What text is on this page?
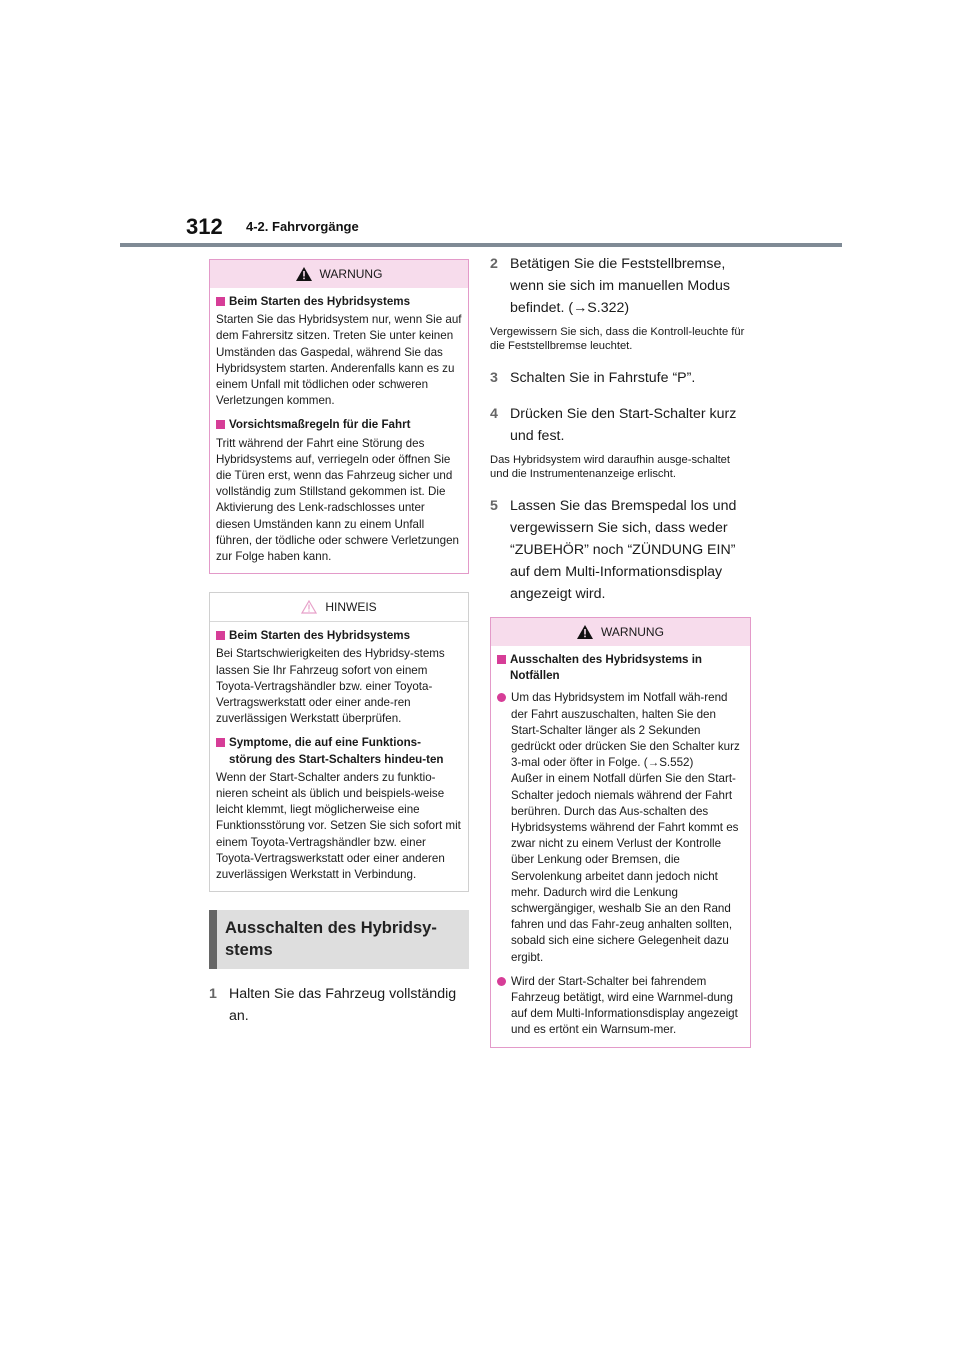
312 4-2. Fahrvorgänge
WARNUNG
Beim Starten des Hybridsystems

Starten Sie das Hybridsystem nur, wenn Sie auf dem Fahrersitz sitzen. Treten Sie unter keinen Umständen das Gaspedal, während Sie das Hybridsystem starten. Anderenfalls kann es zu einem Unfall mit tödlichen oder schweren Verletzungen kommen.

Vorsichtsmaßregeln für die Fahrt

Tritt während der Fahrt eine Störung des Hybridsystems auf, verriegeln oder öffnen Sie die Türen erst, wenn das Fahrzeug sicher und vollständig zum Stillstand gekommen ist. Die Aktivierung des Lenk-radschlosses unter diesen Umständen kann zu einem Unfall führen, der tödliche oder schwere Verletzungen zur Folge haben kann.

HINWEIS
Beim Starten des Hybridsystems

Bei Startschwierigkeiten des Hybridsy-stems lassen Sie Ihr Fahrzeug sofort von einem Toyota-Vertragshändler bzw. einer Toyota-Vertragswerkstatt oder einer ande-ren zuverlässigen Werkstatt überprüfen.

Symptome, die auf eine Funktions-störung des Start-Schalters hindeu-ten

Wenn der Start-Schalter anders zu funktio-nieren scheint als üblich und beispiels-weise leicht klemmt, liegt möglicherweise eine Funktionsstörung vor. Setzen Sie sich sofort mit einem Toyota-Vertragshändler bzw. einer Toyota-Vertragswerkstatt oder einer anderen zuverlässigen Werkstatt in Verbindung.

Ausschalten des Hybridsy-stems
1 Halten Sie das Fahrzeug vollständig
an.
2 Betätigen Sie die Feststellbremse,
wenn sie sich im manuellen Modus
befindet. (→S.322)
Vergewissern Sie sich, dass die Kontroll-leuchte für die Feststellbremse leuchtet.
3 Schalten Sie in Fahrstufe “P”.
4 Drücken Sie den Start-Schalter kurz
und fest.
Das Hybridsystem wird daraufhin ausge-schaltet und die Instrumentenanzeige erlischt.
5 Lassen Sie das Bremspedal los und
vergewissern Sie sich, dass weder
“ZUBEHÖR” noch “ZÜNDUNG EIN”
auf dem Multi-Informationsdisplay
angezeigt wird.
WARNUNG
Ausschalten des Hybridsystems in Notfällen
Um das Hybridsystem im Notfall wäh-rend der Fahrt auszuschalten, halten Sie den Start-Schalter länger als 2 Sekunden gedrückt oder drücken Sie den Schalter kurz 3-mal oder öfter in Folge. (→S.552)
Außer in einem Notfall dürfen Sie den Start-Schalter jedoch niemals während der Fahrt berühren. Durch das Aus-schalten des Hybridsystems während der Fahrt kommt es zwar nicht zu einem Verlust der Kontrolle über Lenkung oder Bremsen, die Servolenkung arbeitet dann jedoch nicht mehr. Dadurch wird die Lenkung schwergängiger, weshalb Sie an den Rand fahren und das Fahr-zeug anhalten sollten, sobald sich eine sichere Gelegenheit dazu ergibt.
Wird der Start-Schalter bei fahrendem Fahrzeug betätigt, wird eine Warnmel-dung auf dem Multi-Informationsdisplay angezeigt und es ertönt ein Warnsum-mer.
